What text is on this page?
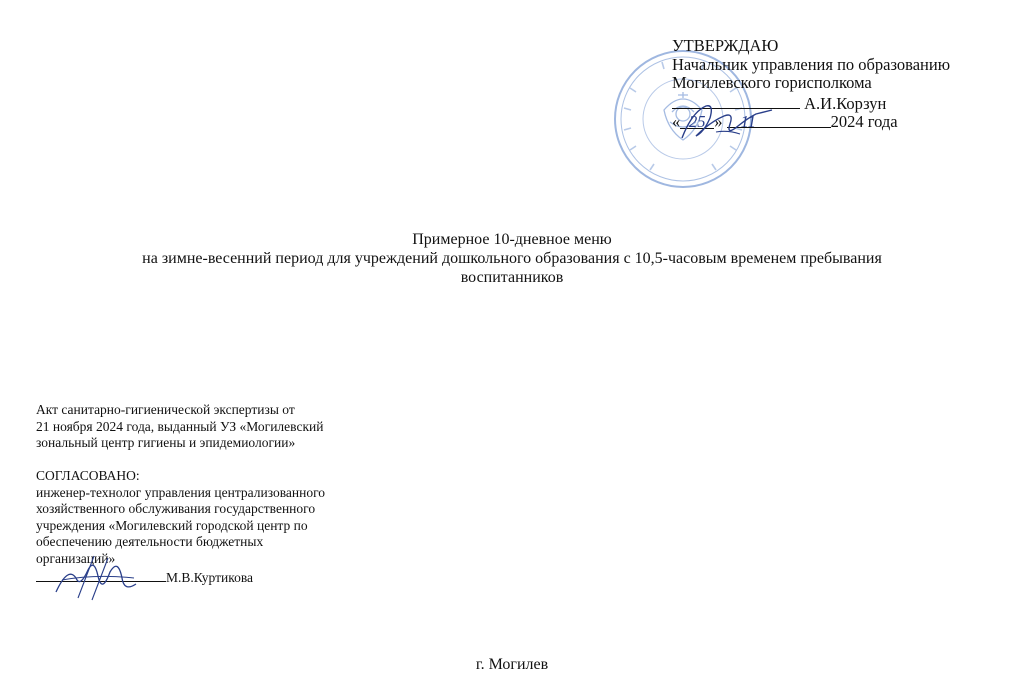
УТВЕРЖДАЮ
Начальник управления по образованию
Могилевского горисполкома
А.И.Корзун
« 25 » 11	2024 года
Примерное 10-дневное меню
на зимне-весенний период для учреждений дошкольного образования с 10,5-часовым временем пребывания
воспитанников
Акт санитарно-гигиенической экспертизы от
21 ноября 2024 года, выданный УЗ «Могилевский
зональный центр гигиены и эпидемиологии»
СОГЛАСОВАНО:
инженер-технолог управления централизованного
хозяйственного обслуживания государственного
учреждения «Могилевский городской центр по
обеспечению деятельности бюджетных
организаций»
М.В.Куртикова
г. Могилев
